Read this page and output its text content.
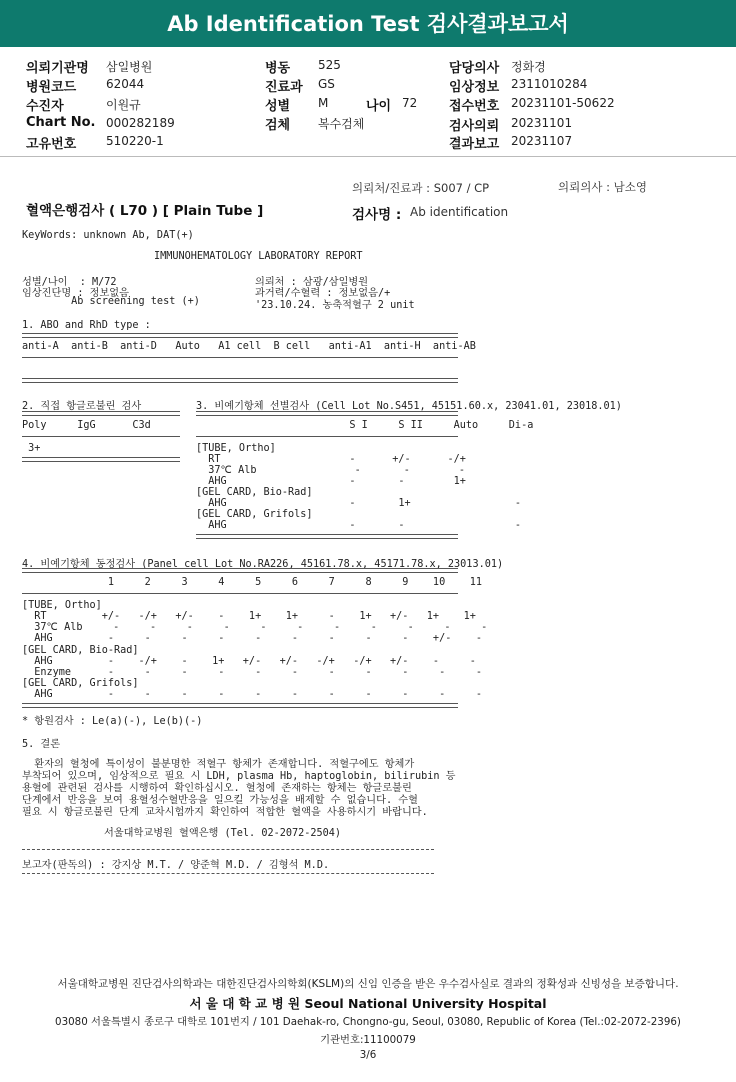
Ab Identification Test 검사결과보고서
의뢰기관명 삼일병원
병원코드 62044
수진자	이원규
Chart No. 000282189
고유번호 510220-1
병동 525
진료과 GS
성별 M	나이 72
검체 복수검체
담당의사 정화경
임상정보 2311010284
접수번호 20231101-50622
검사의뢰 20231101
결과보고 20231107
의뢰처/진료과 : S007 / CP	의뢰의사 : 남소영
혈액은행검사 ( L70 ) [ Plain Tube ]	검사명 : Ab identification
KeyWords: unknown Ab, DAT(+)
IMMUNOHEMATOLOGY LABORATORY REPORT
성별/나이  : M/72
임상진단명 : 정보없음
Ab screening test (+)
의뢰처 : 삼광/삼일병원
과거력/수혈력 : 정보없음/+
'23.10.24. 농축적혈구 2 unit
1. ABO and RhD type :
anti-A  anti-B  anti-D   Auto   A1 cell  B cell   anti-A1  anti-H  anti-AB
2. 직접 항글로불린 검사
Poly     IgG      C3d
3+
3. 비예기항체 선별검사 (Cell Lot No.S451, 45151.60.x, 23041.01, 23018.01)
S I     S II     Auto     Di-a
[TUBE, Ortho]
RT                     -      +/-      -/+
37℃ Alb                -       -        -
AHG                    -       -        1+
[GEL CARD, Bio-Rad]
AHG                    -       1+                 -
[GEL CARD, Grifols]
AHG                    -       -                  -
4. 비예기항체 동정검사 (Panel cell Lot No.RA226, 45161.78.x, 45171.78.x, 23013.01)
1     2     3     4     5     6     7     8     9    10    11
[TUBE, Ortho]
RT         +/-   -/+   +/-    -    1+    1+     -    1+   +/-   1+    1+
37℃ Alb     -     -     -     -     -     -     -     -     -     -     -
AHG         -     -     -     -     -     -     -     -     -    +/-    -
[GEL CARD, Bio-Rad]
AHG         -    -/+    -    1+   +/-   +/-   -/+   -/+   +/-    -     -
Enzyme      -     -     -     -     -     -     -     -     -     -     -
[GEL CARD, Grifols]
AHG         -     -     -     -     -     -     -     -     -     -     -
* 항원검사 : Le(a)(-), Le(b)(-)
5. 결론
환자의 혈청에 특이성이 불분명한 적혈구 항체가 존재합니다. 적혈구에도 항체가
부착되어 있으며, 임상적으로 필요 시 LDH, plasma Hb, haptoglobin, bilirubin 등
용혈에 관련된 검사를 시행하여 확인하십시오. 혈청에 존재하는 항체는 항글로불린
단계에서 반응을 보여 용혈성수혈반응을 일으킬 가능성을 배제할 수 없습니다. 수혈
필요 시 항글로불린 단계 교차시험까지 확인하여 적합한 혈액을 사용하시기 바랍니다.
서울대학교병원 혈액은행 (Tel. 02-2072-2504)
보고자(판독의) : 강지상 M.T. / 양준혁 M.D. / 김형석 M.D.
서울대학교병원 진단검사의학과는 대한진단검사의학회(KSLM)의 신임 인증을 받은 우수검사실로 결과의 정확성과 신빙성을 보증합니다.
서 울 대 학 교 병 원 Seoul National University Hospital
03080 서울특별시 종로구 대학로 101번지 / 101 Daehak-ro, Chongno-gu, Seoul, 03080, Republic of Korea (Tel.:02-2072-2396)
기관번호:11100079
3/6
